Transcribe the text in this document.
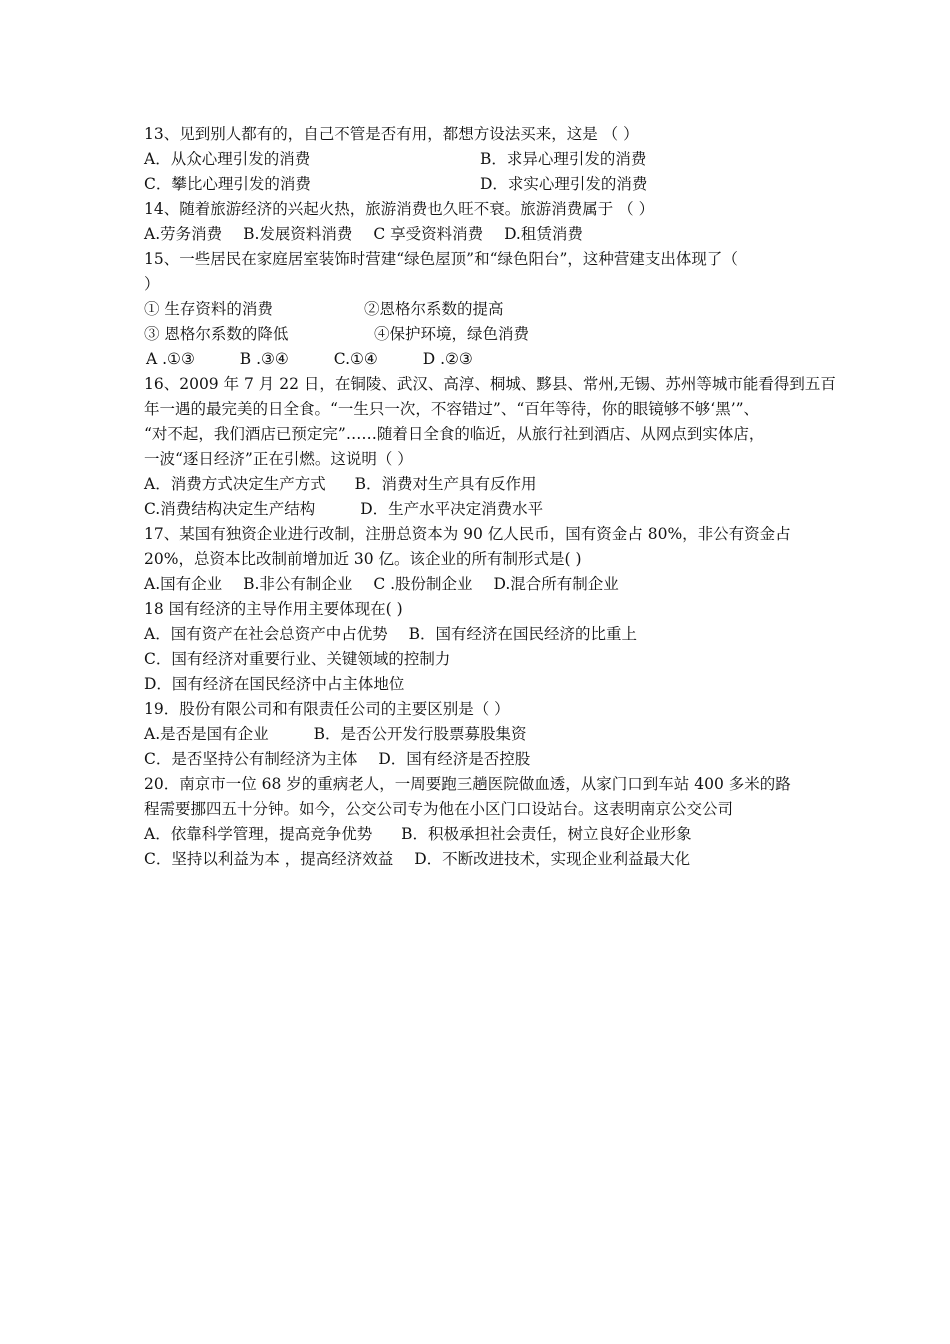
13、见到别人都有的，自己不管是否有用，都想方设法买来，这是 （ ）
A．从众心理引发的消费	B．求异心理引发的消费
C．攀比心理引发的消费	D．求实心理引发的消费
14、随着旅游经济的兴起火热，旅游消费也久旺不衰。旅游消费属于 （ ）
A.劳务消费 B.发展资料消费 C 享受资料消费 D.租赁消费
15、一些居民在家庭居室装饰时营建“绿色屋顶”和“绿色阳台”，这种营建支出体现了（
）
① 生存资料的消费	②恩格尔系数的提高
③ 恩格尔系数的降低	④保护环境，绿色消费
A .①③	B .③④	C.①④	D .②③
16、2009 年 7 月 22 日，在铜陵、武汉、高淳、桐城、黟县、常州,无锡、苏州等城市能看得到五百
年一遇的最完美的日全食。“一生只一次，不容错过”、“百年等待，你的眼镜够不够‘黑’”、
“对不起，我们酒店已预定完”……随着日全食的临近，从旅行社到酒店、从网点到实体店，
一波“逐日经济”正在引燃。这说明（ ）
A．消费方式决定生产方式 B．消费对生产具有反作用
C.消费结构决定生产结构	D．生产水平决定消费水平
17、某国有独资企业进行改制，注册总资本为 90 亿人民币，国有资金占 80%，非公有资金占
20%，总资本比改制前增加近 30 亿。该企业的所有制形式是( )
A.国有企业 B.非公有制企业 C .股份制企业 D.混合所有制企业
18 国有经济的主导作用主要体现在( )
A．国有资产在社会总资产中占优势 B．国有经济在国民经济的比重上
C．国有经济对重要行业、关键领域的控制力
D．国有经济在国民经济中占主体地位
19．股份有限公司和有限责任公司的主要区别是（ ）
A.是否是国有企业	B．是否公开发行股票募股集资
C．是否坚持公有制经济为主体 D．国有经济是否控股
20．南京市一位 68 岁的重病老人，一周要跑三趟医院做血透，从家门口到车站 400 多米的路
程需要挪四五十分钟。如今，公交公司专为他在小区门口设站台。这表明南京公交公司
A．依靠科学管理，提高竞争优势 B．积极承担社会责任，树立良好企业形象
C．坚持以利益为本 ，提高经济效益 D．不断改进技术，实现企业利益最大化
